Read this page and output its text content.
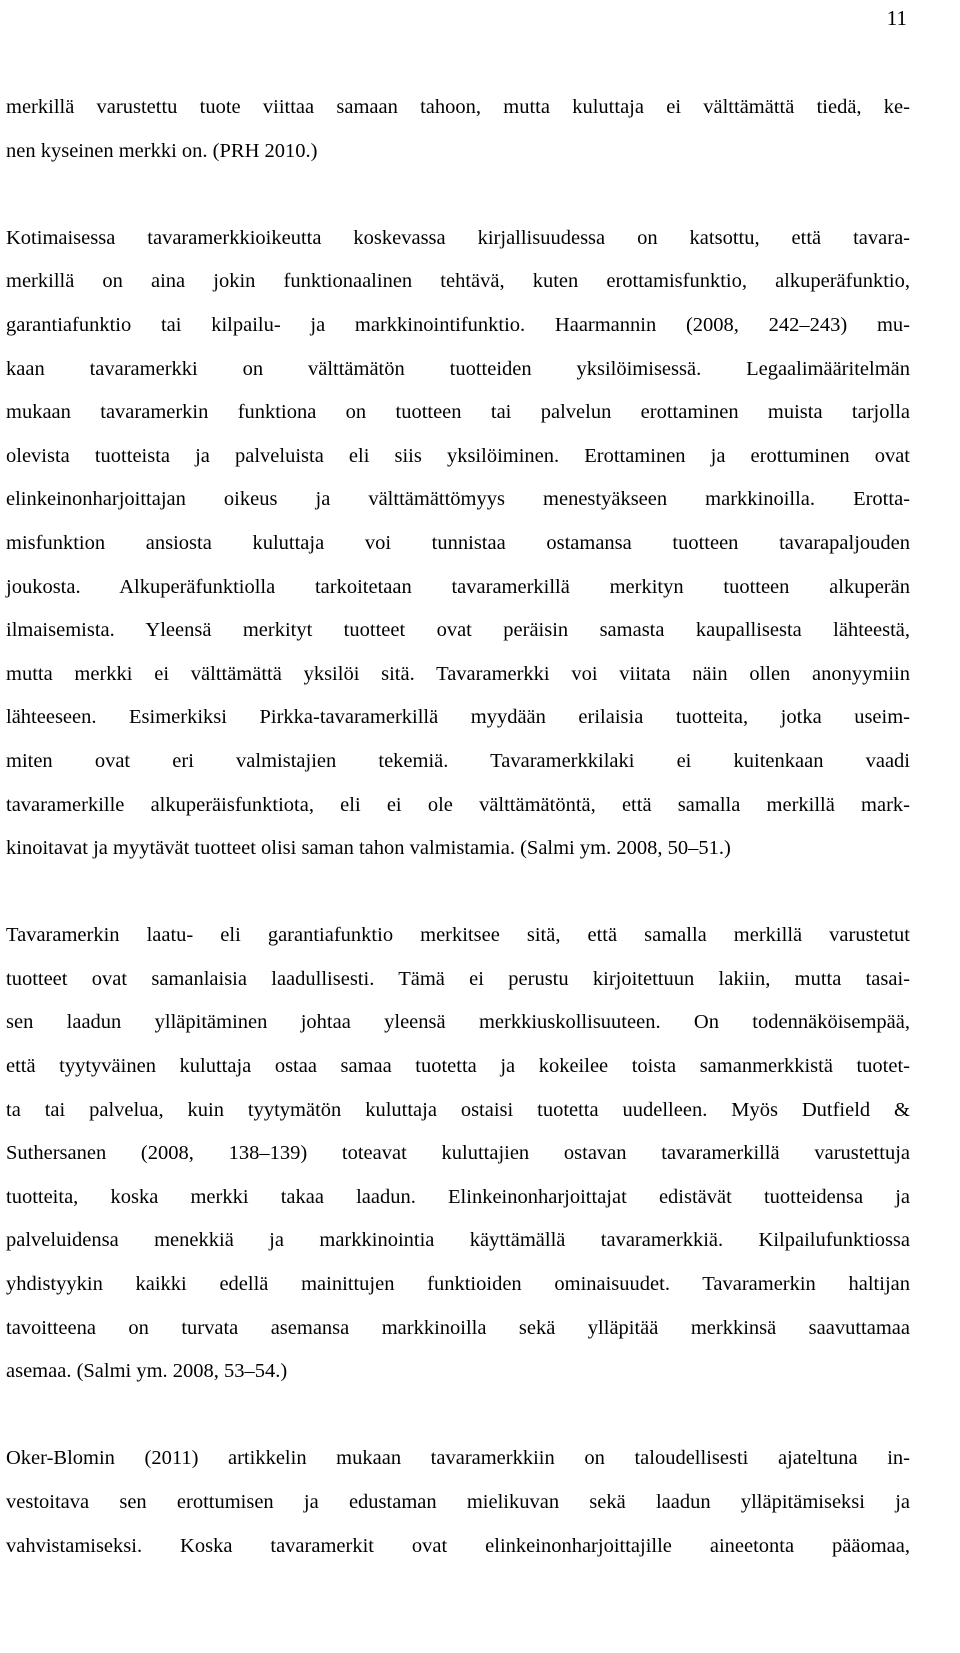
11
merkillä varustettu tuote viittaa samaan tahoon, mutta kuluttaja ei välttämättä tiedä, ke-
nen kyseinen merkki on. (PRH 2010.)
Kotimaisessa tavaramerkkioikeutta koskevassa kirjallisuudessa on katsottu, että tavara-
merkillä on aina jokin funktionaalinen tehtävä, kuten erottamisfunktio, alkuperäfunktio,
garantiafunktio tai kilpailu- ja markkinointifunktio. Haarmannin (2008, 242–243) mu-
kaan tavaramerkki on välttämätön tuotteiden yksilöimisessä. Legaalimääritelmän
mukaan tavaramerkin funktiona on tuotteen tai palvelun erottaminen muista tarjolla
olevista tuotteista ja palveluista eli siis yksilöiminen. Erottaminen ja erottuminen ovat
elinkeinonharjoittajan oikeus ja välttämättömyys menestyäkseen markkinoilla. Erotta-
misfunktion ansiosta kuluttaja voi tunnistaa ostamansa tuotteen tavarapaljouden
joukosta. Alkuperäfunktiolla tarkoitetaan tavaramerkillä merkityn tuotteen alkuperän
ilmaisemista. Yleensä merkityt tuotteet ovat peräisin samasta kaupallisesta lähteestä,
mutta merkki ei välttämättä yksilöi sitä. Tavaramerkki voi viitata näin ollen anonyymiin
lähteeseen. Esimerkiksi Pirkka-tavaramerkillä myydään erilaisia tuotteita, jotka useim-
miten ovat eri valmistajien tekemiä. Tavaramerkkilaki ei kuitenkaan vaadi
tavaramerkille alkuperäisfunktiota, eli ei ole välttämätöntä, että samalla merkillä mark-
kinoitavat ja myytävät tuotteet olisi saman tahon valmistamia. (Salmi ym. 2008, 50–51.)
Tavaramerkin laatu- eli garantiafunktio merkitsee sitä, että samalla merkillä varustetut
tuotteet ovat samanlaisia laadullisesti. Tämä ei perustu kirjoitettuun lakiin, mutta tasai-
sen laadun ylläpitäminen johtaa yleensä merkkiuskollisuuteen. On todennäköisempää,
että tyytyväinen kuluttaja ostaa samaa tuotetta ja kokeilee toista samanmerkkistä tuotet-
ta tai palvelua, kuin tyytymätön kuluttaja ostaisi tuotetta uudelleen. Myös Dutfield &
Suthersanen (2008, 138–139) toteavat kuluttajien ostavan tavaramerkillä varustettuja
tuotteita, koska merkki takaa laadun. Elinkeinonharjoittajat edistävät tuotteidensa ja
palveluidensa menekkiä ja markkinointia käyttämällä tavaramerkkiä. Kilpailufunktiossa
yhdistyykin kaikki edellä mainittujen funktioiden ominaisuudet. Tavaramerkin haltijan
tavoitteena on turvata asemansa markkinoilla sekä ylläpitää merkkinsä saavuttamaa
asemaa. (Salmi ym. 2008, 53–54.)
Oker-Blomin (2011) artikkelin mukaan tavaramerkkiin on taloudellisesti ajateltuna in-
vestoitava sen erottumisen ja edustaman mielikuvan sekä laadun ylläpitämiseksi ja
vahvistamiseksi. Koska tavaramerkit ovat elinkeinonharjoittajille aineetonta pääomaa,
